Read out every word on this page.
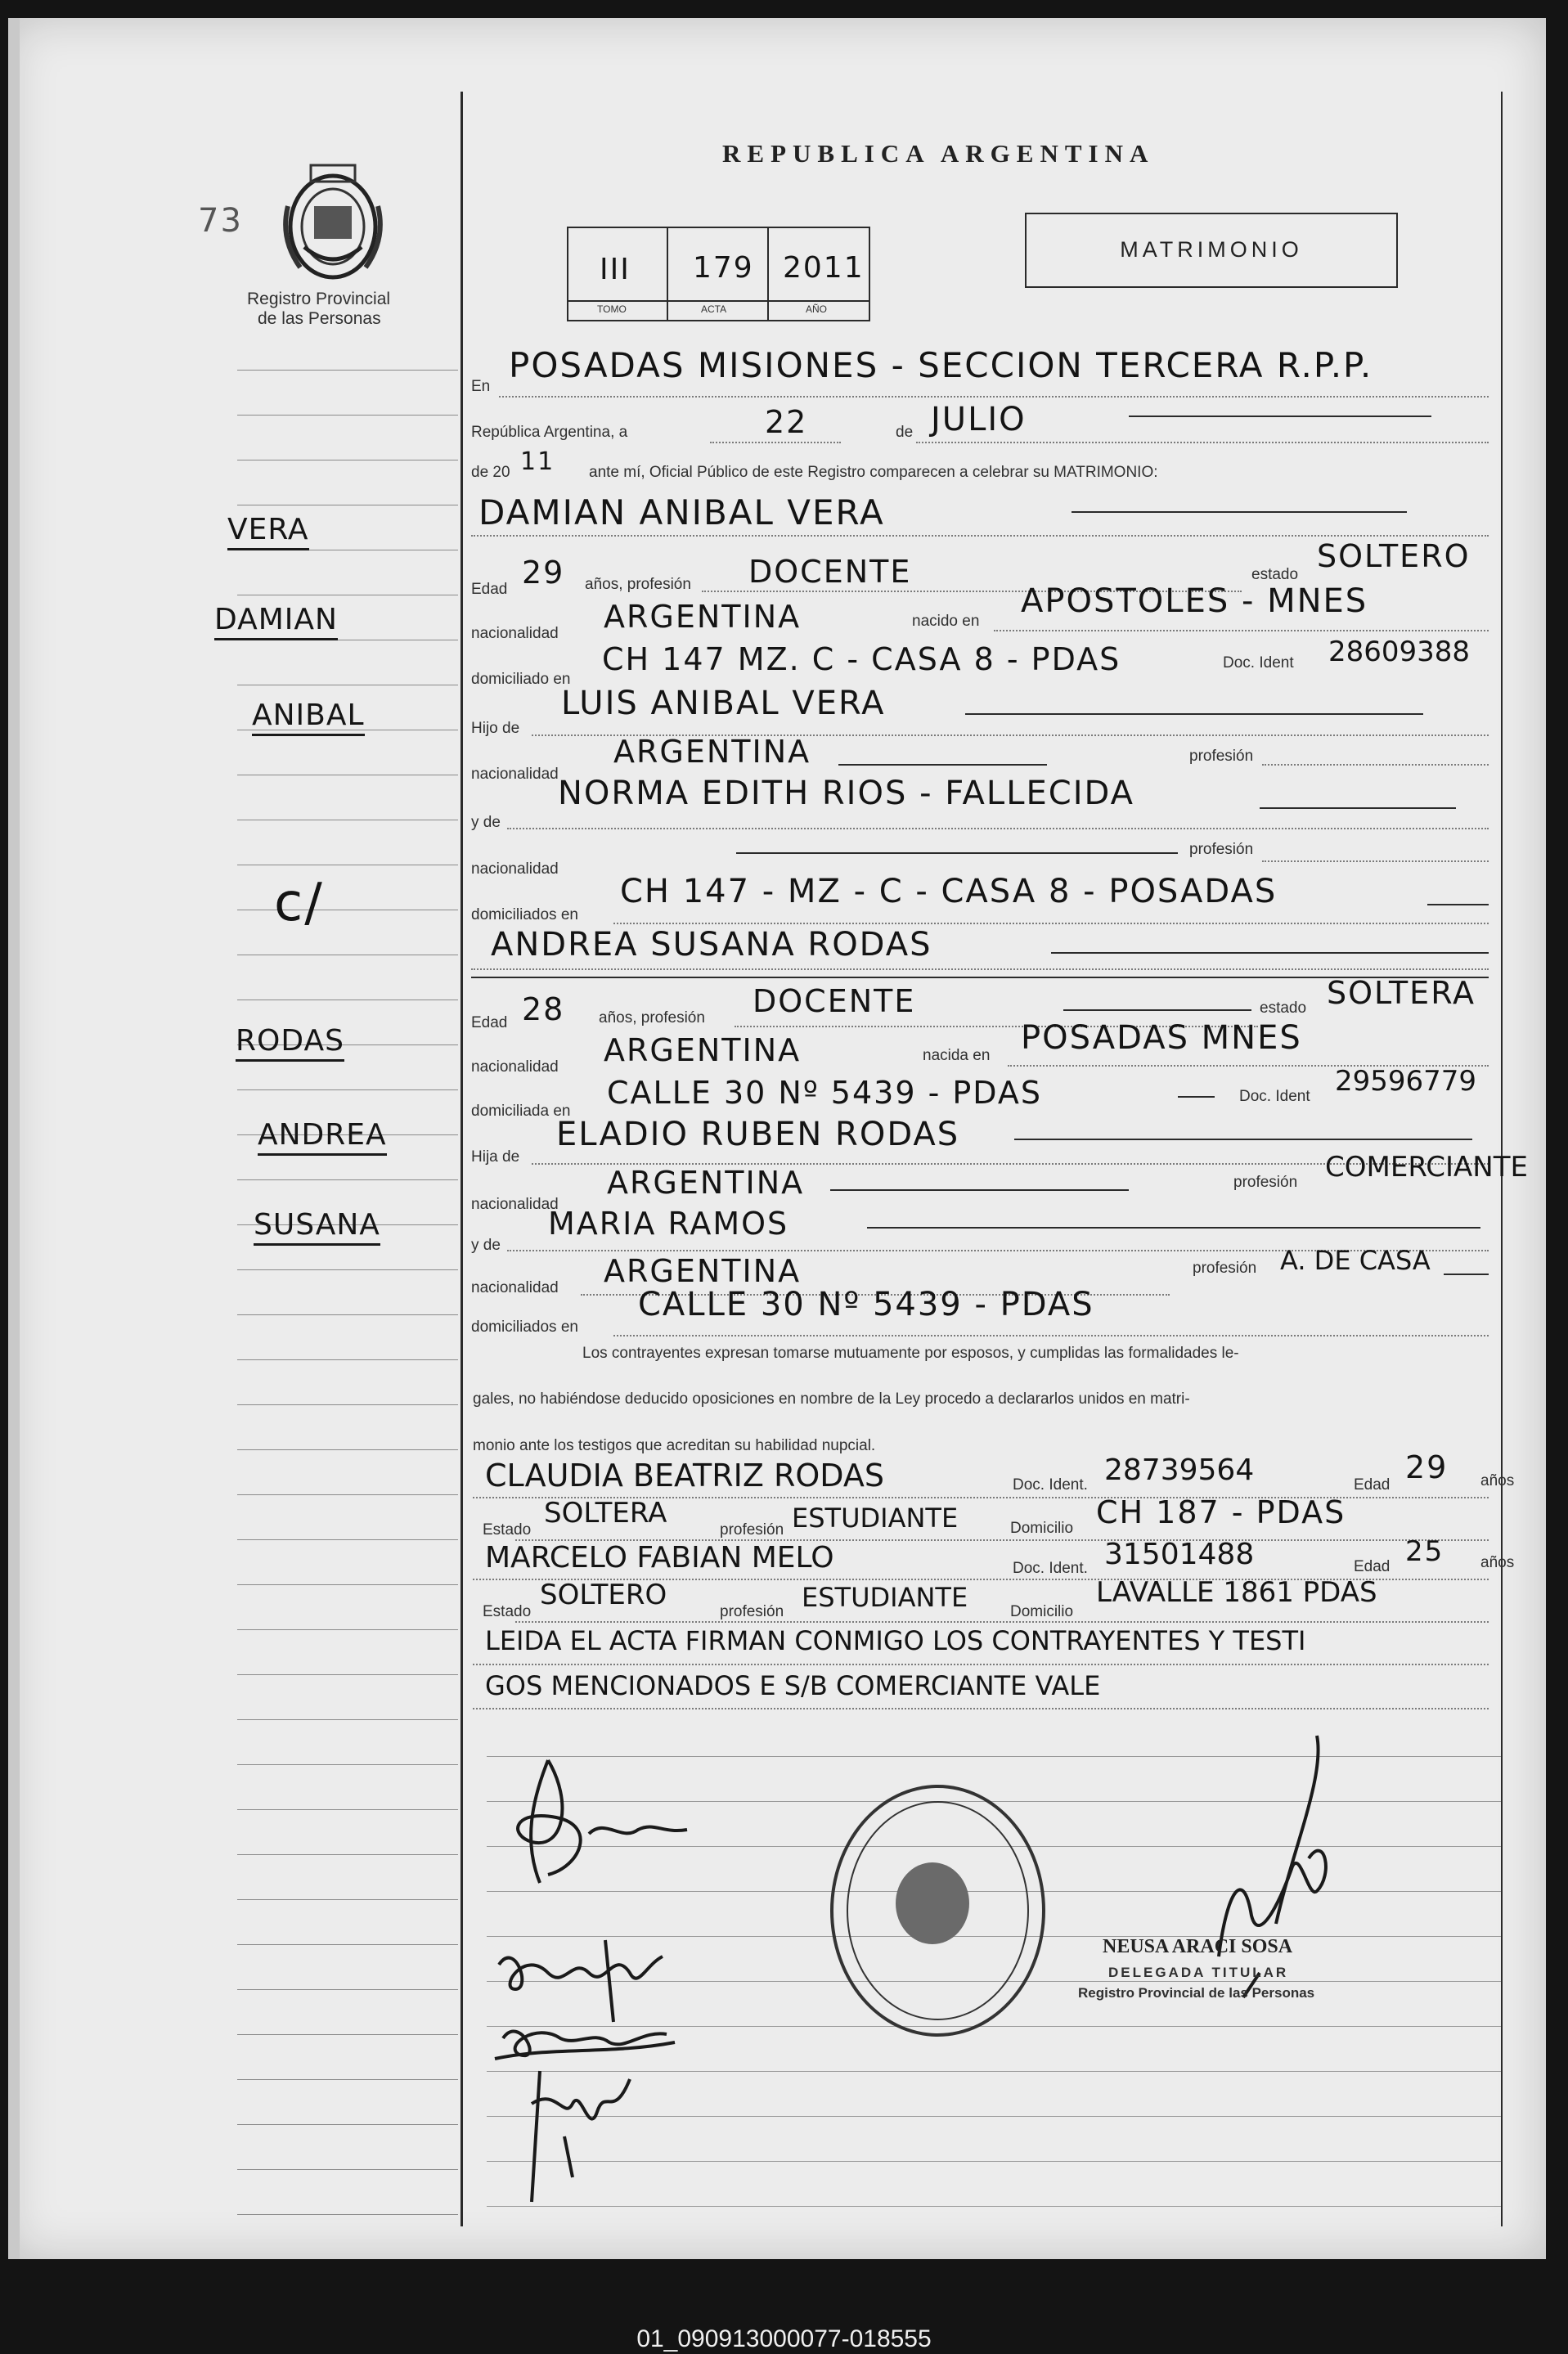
73
Registro Provincial
de las Personas
VERA
DAMIAN
ANIBAL
c/
RODAS
ANDREA
SUSANA
REPUBLICA ARGENTINA
III 179 2011
TOMO	ACTA	AÑO
MATRIMONIO
En
POSADAS MISIONES - SECCION TERCERA R.P.P.
República Argentina, a	22	de JULIO
de 20 11 ante mí, Oficial Público de este Registro comparecen a celebrar su MATRIMONIO:
DAMIAN ANIBAL VERA
Edad 29 años, profesión DOCENTE	estado
SOLTERO
nacionalidad ARGENTINA	nacido en
APOSTOLES - MNES
domiciliado en
CH 147 MZ. C - CASA 8 - PDAS	Doc. Ident 28609388
Hijo de
LUIS ANIBAL VERA
nacionalidad
ARGENTINA	profesión
y de
NORMA EDITH RIOS - FALLECIDA
nacionalidad
profesión
domiciliados en
CH 147 - MZ - C - CASA 8 - POSADAS
ANDREA SUSANA RODAS
Edad 28 años, profesión DOCENTE	estado SOLTERA
nacionalidad ARGENTINA	nacida en POSADAS MNES
domiciliada en
CALLE 30 Nº 5439 - PDAS	Doc. Ident 29596779
Hija de
ELADIO RUBEN RODAS
nacionalidad
ARGENTINA	profesión COMERCIANTE
y de
MARIA RAMOS
nacionalidad ARGENTINA	profesión A. DE CASA
domiciliados en
CALLE 30 Nº 5439 - PDAS
Los contrayentes expresan tomarse mutuamente por esposos, y cumplidas las formalidades le-
gales, no habiéndose deducido oposiciones en nombre de la Ley procedo a declararlos unidos en matri-
monio ante los testigos que acreditan su habilidad nupcial.
CLAUDIA BEATRIZ RODAS	Doc. Ident. 28739564	Edad 29 años
Estado
SOLTERA
profesión ESTUDIANTE	Domicilio CH 187 - PDAS
MARCELO FABIAN MELO	Doc. Ident. 31501488	Edad 25 años
Estado
SOLTERO
profesión ESTUDIANTE	Domicilio
LAVALLE 1861 PDAS
LEIDA EL ACTA FIRMAN CONMIGO LOS CONTRAYENTES Y TESTI
GOS MENCIONADOS E S/B COMERCIANTE VALE
NEUSA ARACI SOSA
DELEGADA TITULAR
Registro Provincial de las Personas
01_090913000077-018555
